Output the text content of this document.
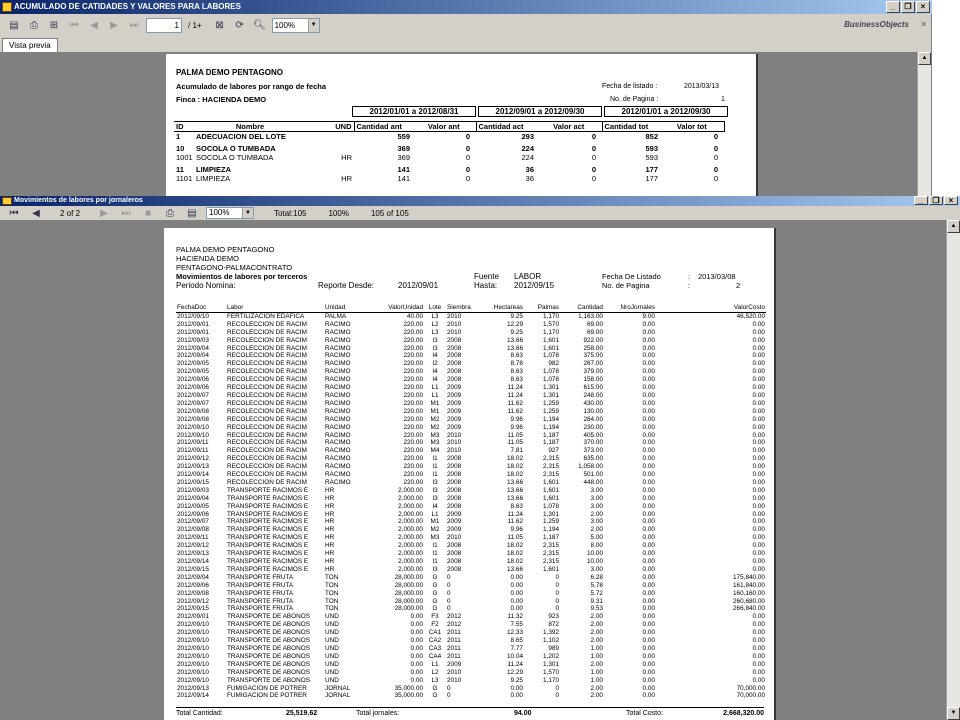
ACUMULADO DE CATIDADES Y VALORES PARA LABORES	_	❐	×
▤	⎙	⊞	⏮	◀	▶	⏭	1	/ 1+	⊠	⟳ 🔍︎	100%	▼	BusinessObjects ✕
Vista previa
▲
PALMA DEMO PENTAGONO
Acumulado de labores por rango de fecha
Finca : HACIENDA DEMO
Fecha de listado :	2013/03/13
No. de Pagina :	1
2012/01/01 a 2012/08/31	2012/09/01 a 2012/09/30	2012/01/01 a 2012/09/30
ID	Nombre	UND	Cantidad ant	Valor ant	Cantidad act	Valor act	Cantidad tot	Valor tot
1	ADECUACION DEL LOTE		559	0	293	0	852	0
10	SOCOLA O TUMBADA		369	0	224	0	593	0
1001	SOCOLA O TUMBADA	HR	369	0	224	0	593	0
11	LIMPIEZA		141	0	36	0	177	0
1101	LIMPIEZA	HR	141	0	36	0	177	0
Movimientos de labores por jornaleros	_	❐	×
⏮	◀	2 of 2	▶	⏭	■	⎙	▤	100%	▼	Total:105	100%	105 of 105
PALMA DEMO PENTAGONO
HACIENDA DEMO
PENTAGONO-PALMACONTRATO
Movimientos de labores por terceros
Periodo Nomina:
Fuente LABOR
Reporte Desde:	2012/09/01	Hasta: 2012/09/15
Fecha De Listado	: 2013/03/08
No. de Pagina	:	2
FechaDoc	Labor	Unidad	ValorUnidad	Lote	Siembra	Hectareas	Palmas	Cantidad	NroJornales	ValorCosto
2012/09/10	FERTILIZACION EDAFICA	PALMA	40.00	L3	2010	9.25	1,170	1,163.00	9.00	46,520.00
2012/09/01	RECOLECCION DE RACIM	RACIMO	220.00	L2	2010	12.29	1,570	69.00	0.00	0.00
2012/09/01	RECOLECCION DE RACIM	RACIMO	220.00	L3	2010	9.25	1,170	69.00	0.00	0.00
2012/09/03	RECOLECCION DE RACIM	RACIMO	220.00	I3	2008	13.66	1,601	922.00	0.00	0.00
2012/09/04	RECOLECCION DE RACIM	RACIMO	220.00	I3	2008	13.66	1,601	258.00	0.00	0.00
2012/09/04	RECOLECCION DE RACIM	RACIMO	220.00	I4	2008	8.63	1,078	375.00	0.00	0.00
2012/09/05	RECOLECCION DE RACIM	RACIMO	220.00	I2	2008	8.78	982	267.00	0.00	0.00
2012/09/05	RECOLECCION DE RACIM	RACIMO	220.00	I4	2008	8.63	1,078	379.00	0.00	0.00
2012/09/06	RECOLECCION DE RACIM	RACIMO	220.00	I4	2008	8.63	1,078	158.00	0.00	0.00
2012/09/06	RECOLECCION DE RACIM	RACIMO	220.00	L1	2009	11.24	1,301	615.00	0.00	0.00
2012/09/07	RECOLECCION DE RACIM	RACIMO	220.00	L1	2009	11.24	1,301	248.00	0.00	0.00
2012/09/07	RECOLECCION DE RACIM	RACIMO	220.00	M1	2009	11.62	1,259	430.00	0.00	0.00
2012/09/08	RECOLECCION DE RACIM	RACIMO	220.00	M1	2009	11.62	1,259	130.00	0.00	0.00
2012/09/08	RECOLECCION DE RACIM	RACIMO	220.00	M2	2009	9.96	1,194	284.00	0.00	0.00
2012/09/10	RECOLECCION DE RACIM	RACIMO	220.00	M2	2009	9.96	1,194	230.00	0.00	0.00
2012/09/10	RECOLECCION DE RACIM	RACIMO	220.00	M3	2010	11.05	1,187	405.00	0.00	0.00
2012/09/11	RECOLECCION DE RACIM	RACIMO	220.00	M3	2010	11.05	1,187	370.00	0.00	0.00
2012/09/11	RECOLECCION DE RACIM	RACIMO	220.00	M4	2010	7.81	927	373.00	0.00	0.00
2012/09/12	RECOLECCION DE RACIM	RACIMO	220.00	I1	2008	18.02	2,315	635.00	0.00	0.00
2012/09/13	RECOLECCION DE RACIM	RACIMO	220.00	I1	2008	18.02	2,315	1,058.00	0.00	0.00
2012/09/14	RECOLECCION DE RACIM	RACIMO	220.00	I1	2008	18.02	2,315	501.00	0.00	0.00
2012/09/15	RECOLECCION DE RACIM	RACIMO	220.00	I3	2008	13.66	1,601	448.00	0.00	0.00
2012/09/03	TRANSPORTE RACIMOS E	HR	2,000.00	I3	2008	13.66	1,601	3.00	0.00	0.00
2012/09/04	TRANSPORTE RACIMOS E	HR	2,000.00	I3	2008	13.66	1,601	3.00	0.00	0.00
2012/09/05	TRANSPORTE RACIMOS E	HR	2,000.00	I4	2008	8.63	1,078	3.00	0.00	0.00
2012/09/06	TRANSPORTE RACIMOS E	HR	2,000.00	L1	2009	11.24	1,301	2.00	0.00	0.00
2012/09/07	TRANSPORTE RACIMOS E	HR	2,000.00	M1	2009	11.62	1,259	3.00	0.00	0.00
2012/09/08	TRANSPORTE RACIMOS E	HR	2,000.00	M2	2009	9.96	1,194	2.00	0.00	0.00
2012/09/11	TRANSPORTE RACIMOS E	HR	2,000.00	M3	2010	11.05	1,187	5.00	0.00	0.00
2012/09/12	TRANSPORTE RACIMOS E	HR	2,000.00	I1	2008	18.02	2,315	8.00	0.00	0.00
2012/09/13	TRANSPORTE RACIMOS E	HR	2,000.00	I1	2008	18.02	2,315	10.00	0.00	0.00
2012/09/14	TRANSPORTE RACIMOS E	HR	2,000.00	I1	2008	18.02	2,315	10.00	0.00	0.00
2012/09/15	TRANSPORTE RACIMOS E	HR	2,000.00	I3	2008	13.66	1,601	3.00	0.00	0.00
2012/09/04	TRANSPORTE FRUTA	TON	28,000.00	G	0	0.00	0	6.28	0.00	175,840.00
2012/09/06	TRANSPORTE FRUTA	TON	28,000.00	G	0	0.00	0	5.78	0.00	161,840.00
2012/09/08	TRANSPORTE FRUTA	TON	28,000.00	G	0	0.00	0	5.72	0.00	160,160.00
2012/09/12	TRANSPORTE FRUTA	TON	28,000.00	G	0	0.00	0	9.31	0.00	260,680.00
2012/09/15	TRANSPORTE FRUTA	TON	28,000.00	G	0	0.00	0	9.53	0.00	266,840.00
2012/09/01	TRANSPORTE DE ABONOS	UND	0.00	F3	2012	11.32	923	2.00	0.00	0.00
2012/09/10	TRANSPORTE DE ABONOS	UND	0.00	F2	2012	7.55	872	2.00	0.00	0.00
2012/09/10	TRANSPORTE DE ABONOS	UND	0.00	CA1	2011	12.33	1,392	2.00	0.00	0.00
2012/09/10	TRANSPORTE DE ABONOS	UND	0.00	CA2	2011	8.65	1,102	2.00	0.00	0.00
2012/09/10	TRANSPORTE DE ABONOS	UND	0.00	CA3	2011	7.77	989	1.00	0.00	0.00
2012/09/10	TRANSPORTE DE ABONOS	UND	0.00	CA4	2011	10.04	1,202	1.00	0.00	0.00
2012/09/10	TRANSPORTE DE ABONOS	UND	0.00	L1	2009	11.24	1,301	2.00	0.00	0.00
2012/09/10	TRANSPORTE DE ABONOS	UND	0.00	L2	2010	12.29	1,570	1.00	0.00	0.00
2012/09/10	TRANSPORTE DE ABONOS	UND	0.00	L3	2010	9.25	1,170	1.00	0.00	0.00
2012/09/13	FUMIGACION DE POTRER	JORNAL	35,000.00	G	0	0.00	0	2.00	0.00	70,000.00
2012/09/14	FUMIGACION DE POTRER	JORNAL	35,000.00	G	0	0.00	0	2.00	0.00	70,000.00
Total Cantidad:	25,519.62	Total jornales:	94.00	Total Costo:	2,668,320.00
▲
▼
